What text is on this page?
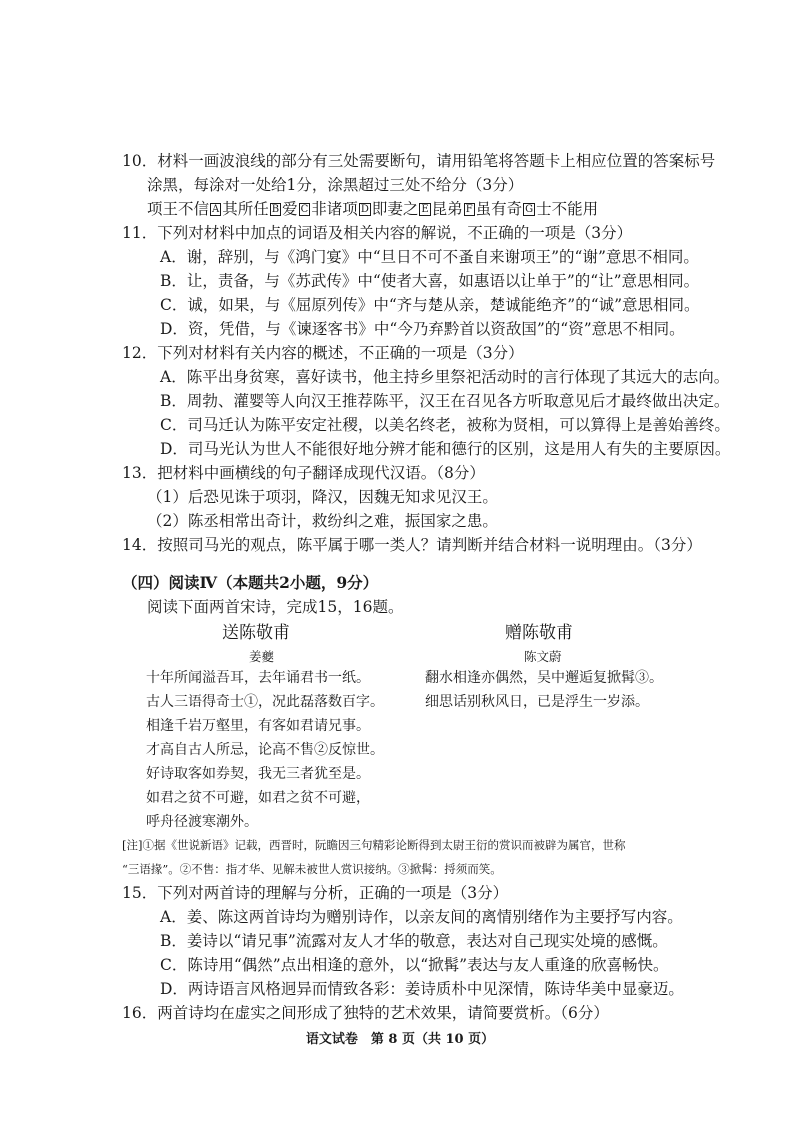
10．材料一画波浪线的部分有三处需要断句，请用铅笔将答题卡上相应位置的答案标号
涂黑，每涂对一处给1分，涂黑超过三处不给分（3分）
项王不信 A 其所任 B 爱 C 非诸项 D 即妻之 E 昆弟 F 虽有奇 G 士不能用
11．下列对材料中加点的词语及相关内容的解说，不正确的一项是（3分）
A．谢，辞别，与《鸿门宴》中“旦日不可不蚤自来谢项王”的“谢”意思不相同。
B．让，责备，与《苏武传》中“使者大喜，如惠语以让单于”的“让”意思相同。
C．诚，如果，与《屈原列传》中“齐与楚从亲，楚诚能绝齐”的“诚”意思相同。
D．资，凭借，与《谏逐客书》中“今乃弃黔首以资敌国”的“资”意思不相同。
12．下列对材料有关内容的概述，不正确的一项是（3分）
A．陈平出身贫寒，喜好读书，他主持乡里祭祀活动时的言行体现了其远大的志向。
B．周勃、灌婴等人向汉王推荐陈平，汉王在召见各方听取意见后才最终做出决定。
C．司马迁认为陈平安定社稷，以美名终老，被称为贤相，可以算得上是善始善终。
D．司马光认为世人不能很好地分辨才能和德行的区别，这是用人有失的主要原因。
13．把材料中画横线的句子翻译成现代汉语。（8分）
（1）后恐见诛于项羽，降汉，因魏无知求见汉王。
（2）陈丞相常出奇计，救纷纠之难，振国家之患。
14．按照司马光的观点，陈平属于哪一类人？请判断并结合材料一说明理由。（3分）
（四）阅读Ⅳ（本题共2小题，9分）
阅读下面两首宋诗，完成15，16题。
送陈敬甫
姜夔
十年所闻溢吾耳，去年诵君书一纸。
古人三语得奇士①，况此磊落数百字。
相逢千岩万壑里，有客如君请兄事。
才高自古人所忌，论高不售②反惊世。
好诗取客如券契，我无三者犹至是。
如君之贫不可避，如君之贫不可避，
呼舟径渡寒潮外。
赠陈敬甫
陈文蔚
翻水相逢亦偶然，吴中邂逅复掀髯③。
细思话别秋风日，已是浮生一岁添。
[注]①据《世说新语》记载，西晋时，阮瞻因三句精彩论断得到太尉王衍的赏识而被辟为属官，世称
“三语掾”。②不售：指才华、见解未被世人赏识接纳。③掀髯：捋须而笑。
15．下列对两首诗的理解与分析，正确的一项是（3分）
A．姜、陈这两首诗均为赠别诗作，以亲友间的离情别绪作为主要抒写内容。
B．姜诗以“请兄事”流露对友人才华的敬意，表达对自己现实处境的感慨。
C．陈诗用“偶然”点出相逢的意外，以“掀髯”表达与友人重逢的欣喜畅快。
D．两诗语言风格迥异而情致各彩：姜诗质朴中见深情，陈诗华美中显豪迈。
16．两首诗均在虚实之间形成了独特的艺术效果，请简要赏析。（6分）
语文试卷　第 8 页（共 10 页）
